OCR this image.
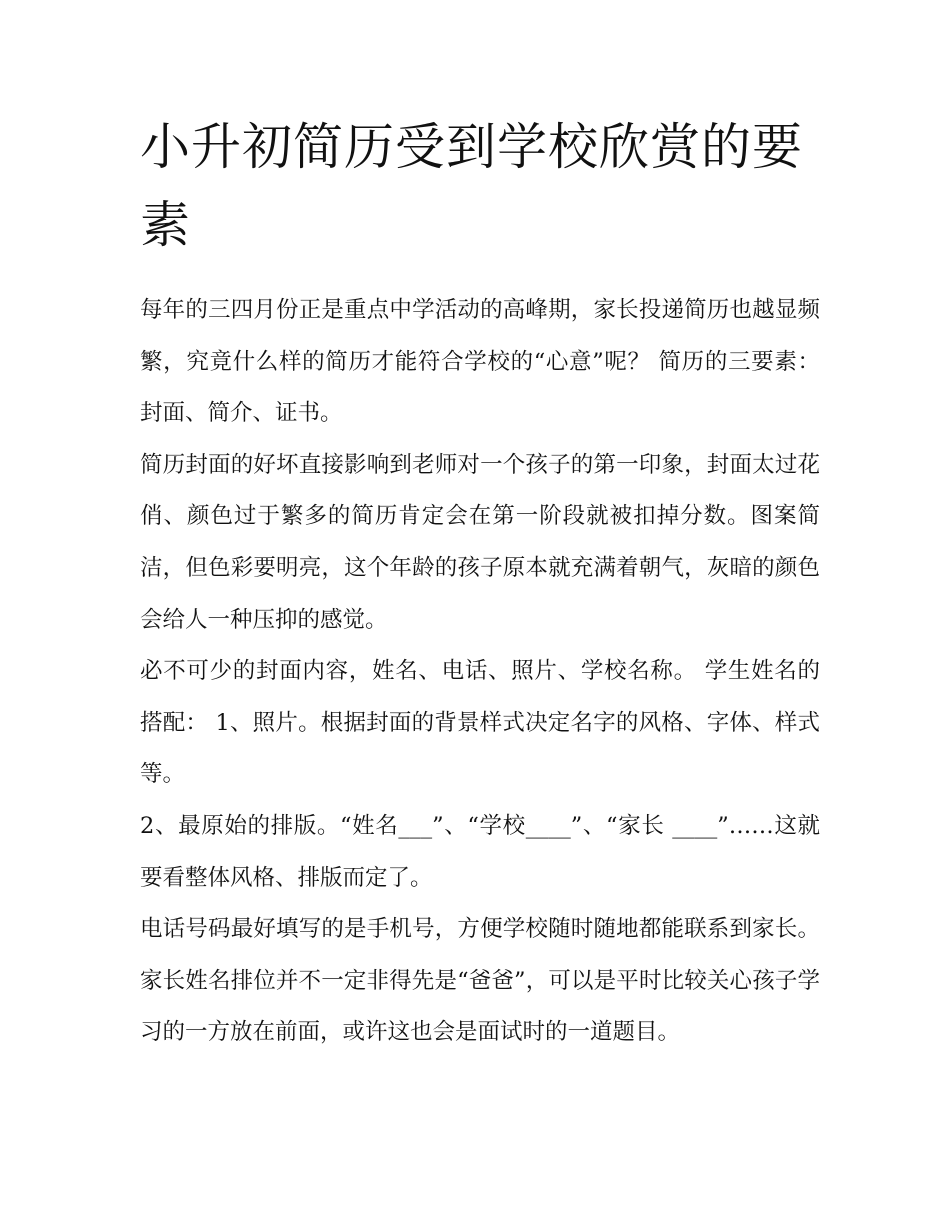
小升初简历受到学校欣赏的要素

每年的三四月份正是重点中学活动的高峰期，家长投递简历也越显频繁，究竟什么样的简历才能符合学校的“心意”呢？ 简历的三要素：封面、简介、证书。

简历封面的好坏直接影响到老师对一个孩子的第一印象，封面太过花俏、颜色过于繁多的简历肯定会在第一阶段就被扣掉分数。图案简洁，但色彩要明亮，这个年龄的孩子原本就充满着朝气，灰暗的颜色会给人一种压抑的感觉。

必不可少的封面内容，姓名、电话、照片、学校名称。 学生姓名的搭配： 1、照片。根据封面的背景样式决定名字的风格、字体、样式等。

2、最原始的排版。“姓名___”、“学校____”、“家长 ____”……这就要看整体风格、排版而定了。

电话号码最好填写的是手机号，方便学校随时随地都能联系到家长。家长姓名排位并不一定非得先是“爸爸”，可以是平时比较关心孩子学习的一方放在前面，或许这也会是面试时的一道题目。
